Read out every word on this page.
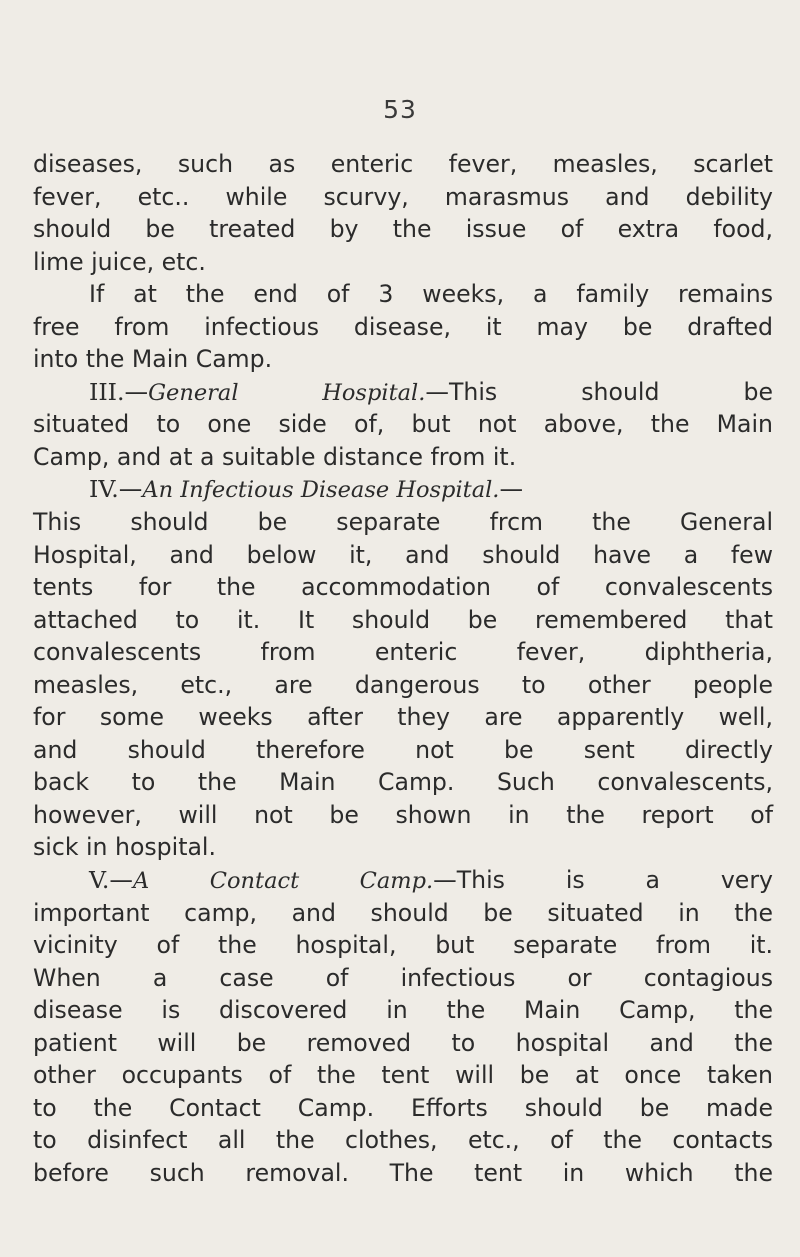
53
diseases, such as enteric fever, measles, scarlet
fever, etc.. while scurvy, marasmus and debility
should be treated by the issue of extra food,
lime juice, etc.
If at the end of 3 weeks, a family remains
free from infectious disease, it may be drafted
into the Main Camp.
III.—General Hospital.—This should be
situated to one side of, but not above, the Main
Camp, and at a suitable distance from it.
IV.—An Infectious Disease Hospital.—
This should be separate frcm the General
Hospital, and below it, and should have a few
tents for the accommodation of convalescents
attached to it. It should be remembered that
convalescents from enteric fever, diphtheria,
measles, etc., are dangerous to other people
for some weeks after they are apparently well,
and should therefore not be sent directly
back to the Main Camp. Such convalescents,
however, will not be shown in the report of
sick in hospital.
V.—A Contact Camp.—This is a very
important camp, and should be situated in the
vicinity of the hospital, but separate from it.
When a case of infectious or contagious
disease is discovered in the Main Camp, the
patient will be removed to hospital and the
other occupants of the tent will be at once taken
to the Contact Camp. Efforts should be made
to disinfect all the clothes, etc., of the contacts
before such removal. The tent in which the
